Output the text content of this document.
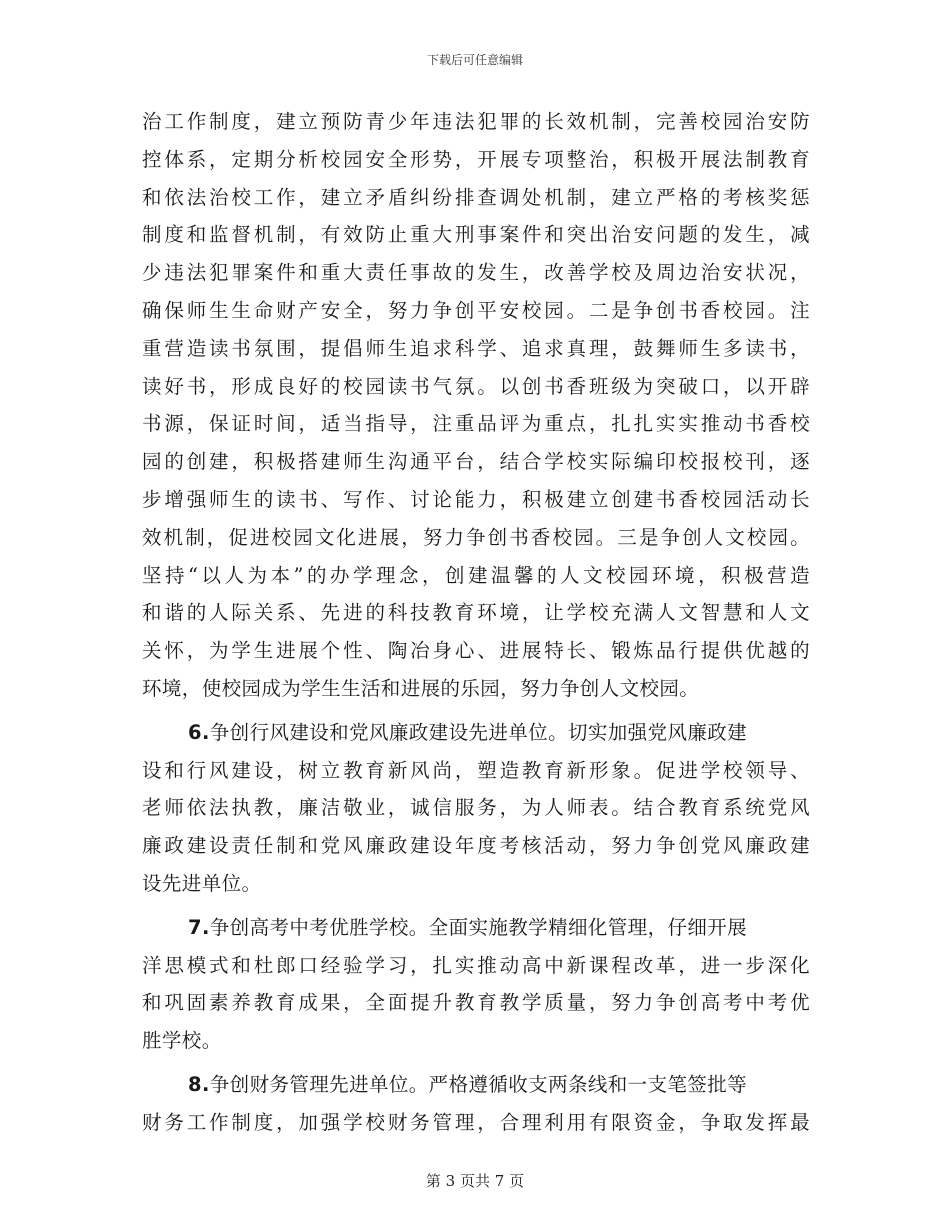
下载后可任意编辑
治工作制度，建立预防青少年违法犯罪的长效机制，完善校园治安防
控体系，定期分析校园安全形势，开展专项整治，积极开展法制教育
和依法治校工作，建立矛盾纠纷排查调处机制，建立严格的考核奖惩
制度和监督机制，有效防止重大刑事案件和突出治安问题的发生，减
少违法犯罪案件和重大责任事故的发生，改善学校及周边治安状况，
确保师生生命财产安全，努力争创平安校园。二是争创书香校园。注
重营造读书氛围，提倡师生追求科学、追求真理，鼓舞师生多读书，
读好书，形成良好的校园读书气氛。以创书香班级为突破口，以开辟
书源，保证时间，适当指导，注重品评为重点，扎扎实实推动书香校
园的创建，积极搭建师生沟通平台，结合学校实际编印校报校刊，逐
步增强师生的读书、写作、讨论能力，积极建立创建书香校园活动长
效机制，促进校园文化进展，努力争创书香校园。三是争创人文校园。
坚持“以人为本”的办学理念，创建温馨的人文校园环境，积极营造
和谐的人际关系、先进的科技教育环境，让学校充满人文智慧和人文
关怀，为学生进展个性、陶冶身心、进展特长、锻炼品行提供优越的
环境，使校园成为学生生活和进展的乐园，努力争创人文校园。
6.争创行风建设和党风廉政建设先进单位。切实加强党风廉政建
设和行风建设，树立教育新风尚，塑造教育新形象。促进学校领导、
老师依法执教，廉洁敬业，诚信服务，为人师表。结合教育系统党风
廉政建设责任制和党风廉政建设年度考核活动，努力争创党风廉政建
设先进单位。
7.争创高考中考优胜学校。全面实施教学精细化管理，仔细开展
洋思模式和杜郎口经验学习，扎实推动高中新课程改革，进一步深化
和巩固素养教育成果，全面提升教育教学质量，努力争创高考中考优
胜学校。
8.争创财务管理先进单位。严格遵循收支两条线和一支笔签批等
财务工作制度，加强学校财务管理，合理利用有限资金，争取发挥最
第 3 页共 7 页
